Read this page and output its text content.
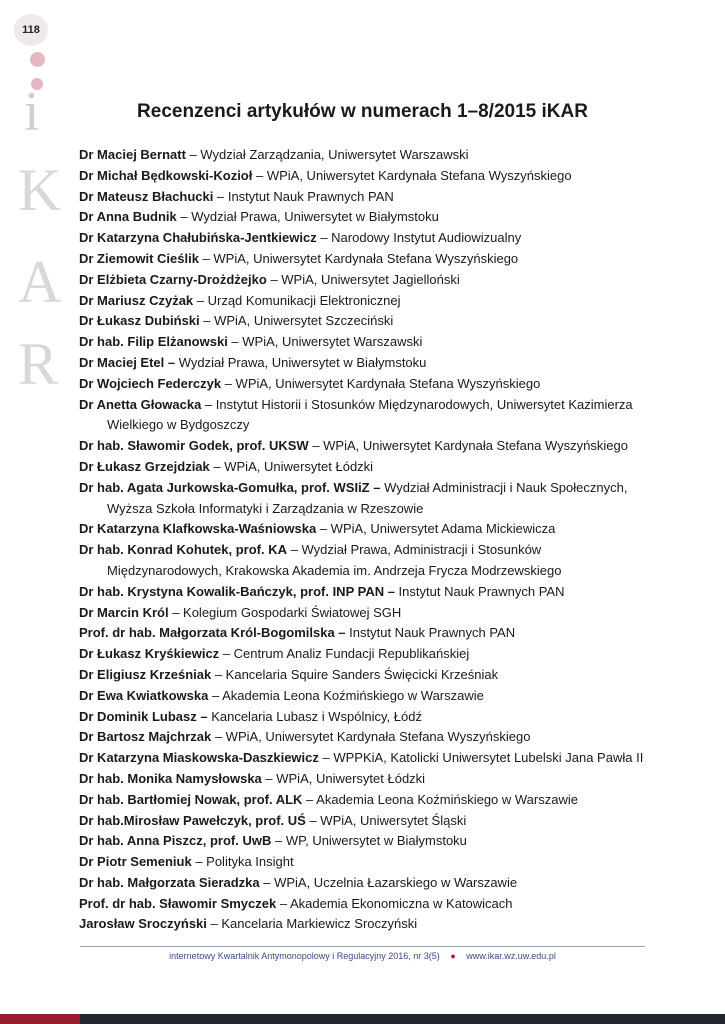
118
i
K
A
R
Recenzenci artykułów w numerach 1–8/2015 iKAR
Dr Maciej Bernatt – Wydział Zarządzania, Uniwersytet Warszawski
Dr Michał Będkowski-Kozioł – WPiA, Uniwersytet Kardynała Stefana Wyszyńskiego
Dr Mateusz Błachucki – Instytut Nauk Prawnych PAN
Dr Anna Budnik – Wydział Prawa, Uniwersytet w Białymstoku
Dr Katarzyna Chałubińska-Jentkiewicz – Narodowy Instytut Audiowizualny
Dr Ziemowit Cieślik – WPiA, Uniwersytet Kardynała Stefana Wyszyńskiego
Dr Elżbieta Czarny-Drożdżejko – WPiA, Uniwersytet Jagielloński
Dr Mariusz Czyżak – Urząd Komunikacji Elektronicznej
Dr Łukasz Dubiński – WPiA, Uniwersytet Szczeciński
Dr hab. Filip Elżanowski – WPiA, Uniwersytet Warszawski
Dr Maciej Etel – Wydział Prawa, Uniwersytet w Białymstoku
Dr Wojciech Federczyk – WPiA, Uniwersytet Kardynała Stefana Wyszyńskiego
Dr Anetta Głowacka – Instytut Historii i Stosunków Międzynarodowych, Uniwersytet Kazimierza Wielkiego w Bydgoszczy
Dr hab. Sławomir Godek, prof. UKSW – WPiA, Uniwersytet Kardynała Stefana Wyszyńskiego
Dr Łukasz Grzejdziak – WPiA, Uniwersytet Łódzki
Dr hab. Agata Jurkowska-Gomułka, prof. WSIiZ – Wydział Administracji i Nauk Społecznych, Wyższa Szkoła Informatyki i Zarządzania w Rzeszowie
Dr Katarzyna Klafkowska-Waśniowska – WPiA, Uniwersytet Adama Mickiewicza
Dr hab. Konrad Kohutek, prof. KA – Wydział Prawa, Administracji i Stosunków Międzynarodowych, Krakowska Akademia im. Andrzeja Frycza Modrzewskiego
Dr hab. Krystyna Kowalik-Bańczyk, prof. INP PAN – Instytut Nauk Prawnych PAN
Dr Marcin Król – Kolegium Gospodarki Światowej SGH
Prof. dr hab. Małgorzata Król-Bogomilska – Instytut Nauk Prawnych PAN
Dr Łukasz Kryśkiewicz – Centrum Analiz Fundacji Republikańskiej
Dr Eligiusz Krześniak – Kancelaria Squire Sanders Święcicki Krześniak
Dr Ewa Kwiatkowska – Akademia Leona Koźmińskiego w Warszawie
Dr Dominik Lubasz – Kancelaria Lubasz i Wspólnicy, Łódź
Dr Bartosz Majchrzak – WPiA, Uniwersytet Kardynała Stefana Wyszyńskiego
Dr Katarzyna Miaskowska-Daszkiewicz – WPPKiA, Katolicki Uniwersytet Lubelski Jana Pawła II
Dr hab. Monika Namysłowska – WPiA, Uniwersytet Łódzki
Dr hab. Bartłomiej Nowak, prof. ALK – Akademia Leona Koźmińskiego w Warszawie
Dr hab.Mirosław Pawełczyk, prof. UŚ – WPiA, Uniwersytet Śląski
Dr hab. Anna Piszcz, prof. UwB – WP, Uniwersytet w Białymstoku
Dr Piotr Semeniuk – Polityka Insight
Dr hab. Małgorzata Sieradzka – WPiA, Uczelnia Łazarskiego w Warszawie
Prof. dr hab. Sławomir Smyczek – Akademia Ekonomiczna w Katowicach
Jarosław Sroczyński – Kancelaria Markiewicz Sroczyński
internetowy Kwartalnik Antymonopolowy i Regulacyjny 2016, nr 3(5) ● www.ikar.wz.uw.edu.pl
